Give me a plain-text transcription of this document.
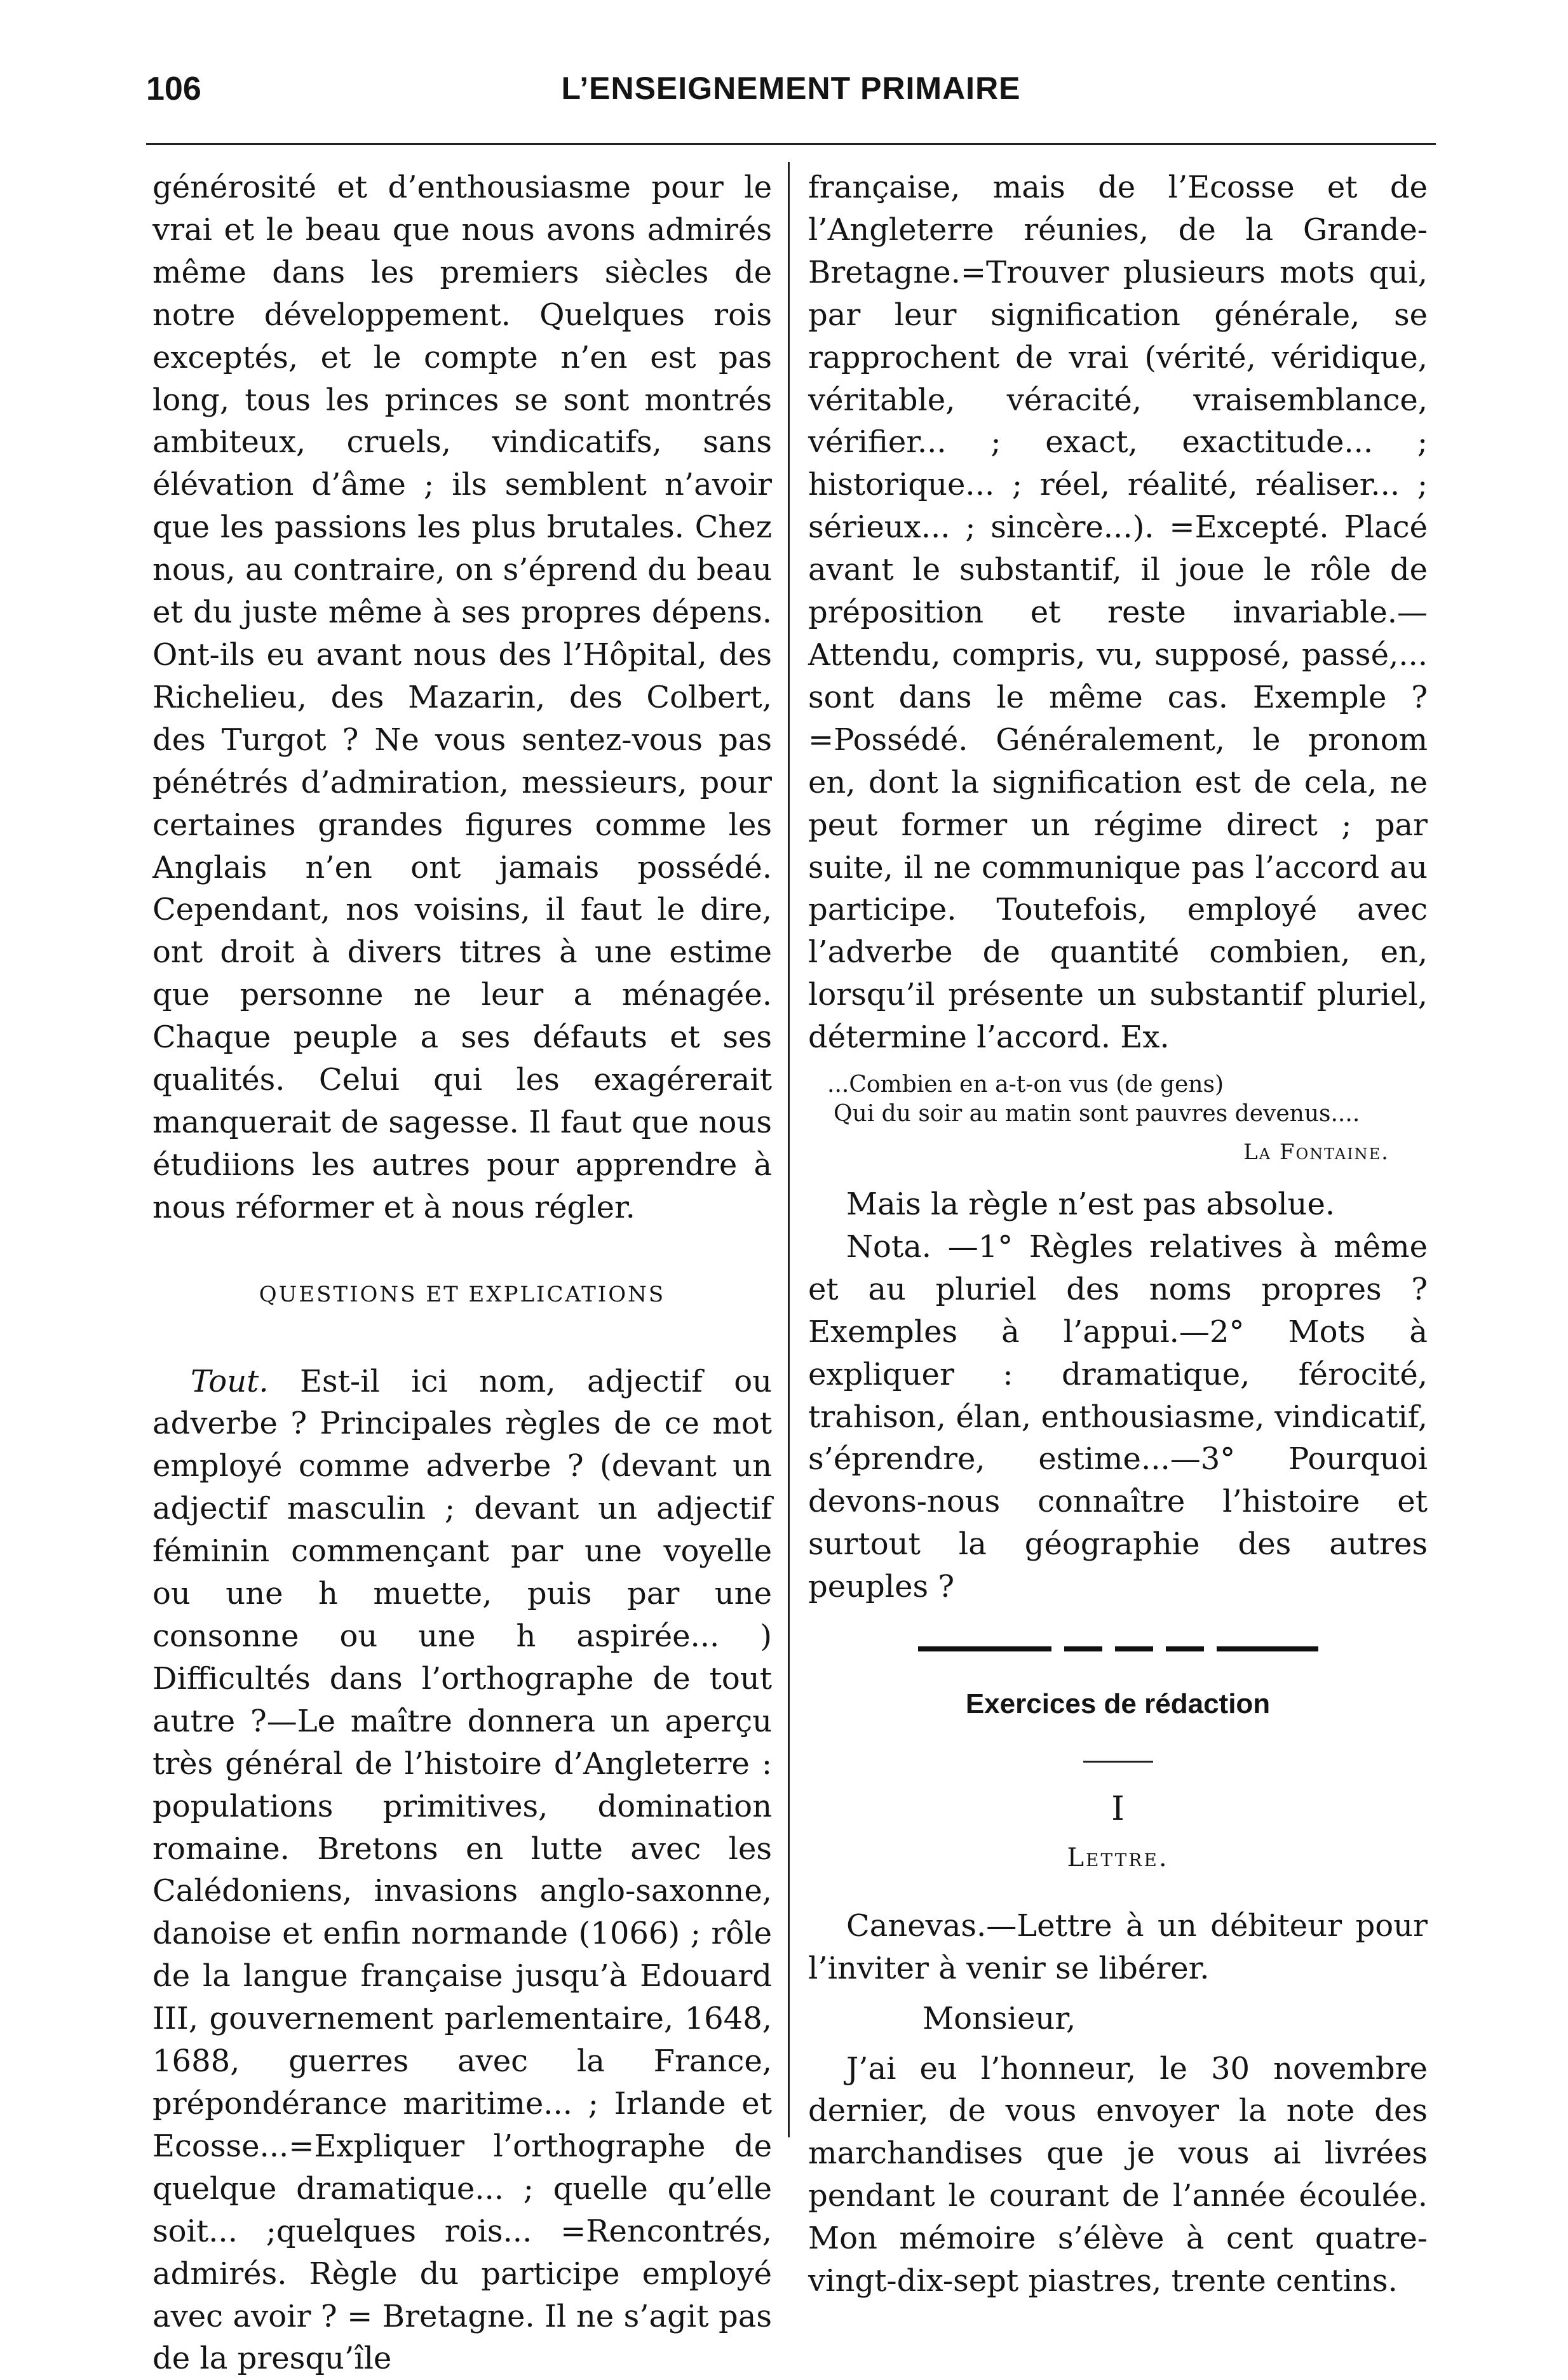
106	L’ENSEIGNEMENT PRIMAIRE

générosité et d’enthousiasme pour le vrai et le beau que nous avons admirés même dans les premiers siècles de notre développement. Quelques rois exceptés, et le compte n’en est pas long, tous les princes se sont montrés ambiteux, cruels, vindicatifs, sans élévation d’âme ; ils semblent n’avoir que les passions les plus brutales. Chez nous, au contraire, on s’éprend du beau et du juste même à ses propres dépens. Ont-ils eu avant nous des l’Hôpital, des Richelieu, des Mazarin, des Colbert, des Turgot ? Ne vous sentez-vous pas pénétrés d’admiration, messieurs, pour certaines grandes figures comme les Anglais n’en ont jamais possédé. Cependant, nos voisins, il faut le dire, ont droit à divers titres à une estime que personne ne leur a ménagée. Chaque peuple a ses défauts et ses qualités. Celui qui les exagérerait manquerait de sagesse. Il faut que nous étudiions les autres pour apprendre à nous réformer et à nous régler.

QUESTIONS ET EXPLICATIONS

Tout. Est-il ici nom, adjectif ou adverbe ? Principales règles de ce mot employé comme adverbe ? (devant un adjectif masculin ; devant un adjectif féminin commençant par une voyelle ou une h muette, puis par une consonne ou une h aspirée... ) Difficultés dans l’orthographe de tout autre ?—Le maître donnera un aperçu très général de l’histoire d’Angleterre : populations primitives, domination romaine. Bretons en lutte avec les Calédoniens, invasions anglo-saxonne, danoise et enfin normande (1066) ; rôle de la langue française jusqu’à Edouard III, gouvernement parlementaire, 1648, 1688, guerres avec la France, prépondérance maritime... ; Irlande et Ecosse...=Expliquer l’orthographe de quelque dramatique... ; quelle qu’elle soit... ;quelques rois... =Rencontrés, admirés. Règle du participe employé avec avoir ? = Bretagne. Il ne s’agit pas de la presqu’île

française, mais de l’Ecosse et de l’Angleterre réunies, de la Grande-Bretagne.=Trouver plusieurs mots qui, par leur signification générale, se rapprochent de vrai (vérité, véridique, véritable, véracité, vraisemblance, vérifier... ; exact, exactitude... ; historique... ; réel, réalité, réaliser... ; sérieux... ; sincère...). =Excepté. Placé avant le substantif, il joue le rôle de préposition et reste invariable.— Attendu, compris, vu, supposé, passé,... sont dans le même cas. Exemple ?=Possédé. Généralement, le pronom en, dont la signification est de cela, ne peut former un régime direct ; par suite, il ne communique pas l’accord au participe. Toutefois, employé avec l’adverbe de quantité combien, en, lorsqu’il présente un substantif pluriel, détermine l’accord. Ex.

...Combien en a-t-on vus (de gens)
Qui du soir au matin sont pauvres devenus....
La Fontaine.

Mais la règle n’est pas absolue.

Nota. —1° Règles relatives à même et au pluriel des noms propres ? Exemples à l’appui.—2° Mots à expliquer : dramatique, férocité, trahison, élan, enthousiasme, vindicatif, s’éprendre, estime...—3° Pourquoi devons-nous connaître l’histoire et surtout la géographie des autres peuples ?

Exercices de rédaction

I

Lettre.

Canevas.—Lettre à un débiteur pour l’inviter à venir se libérer.

Monsieur,

J’ai eu l’honneur, le 30 novembre dernier, de vous envoyer la note des marchandises que je vous ai livrées pendant le courant de l’année écoulée. Mon mémoire s’élève à cent quatre-vingt-dix-sept piastres, trente centins.
